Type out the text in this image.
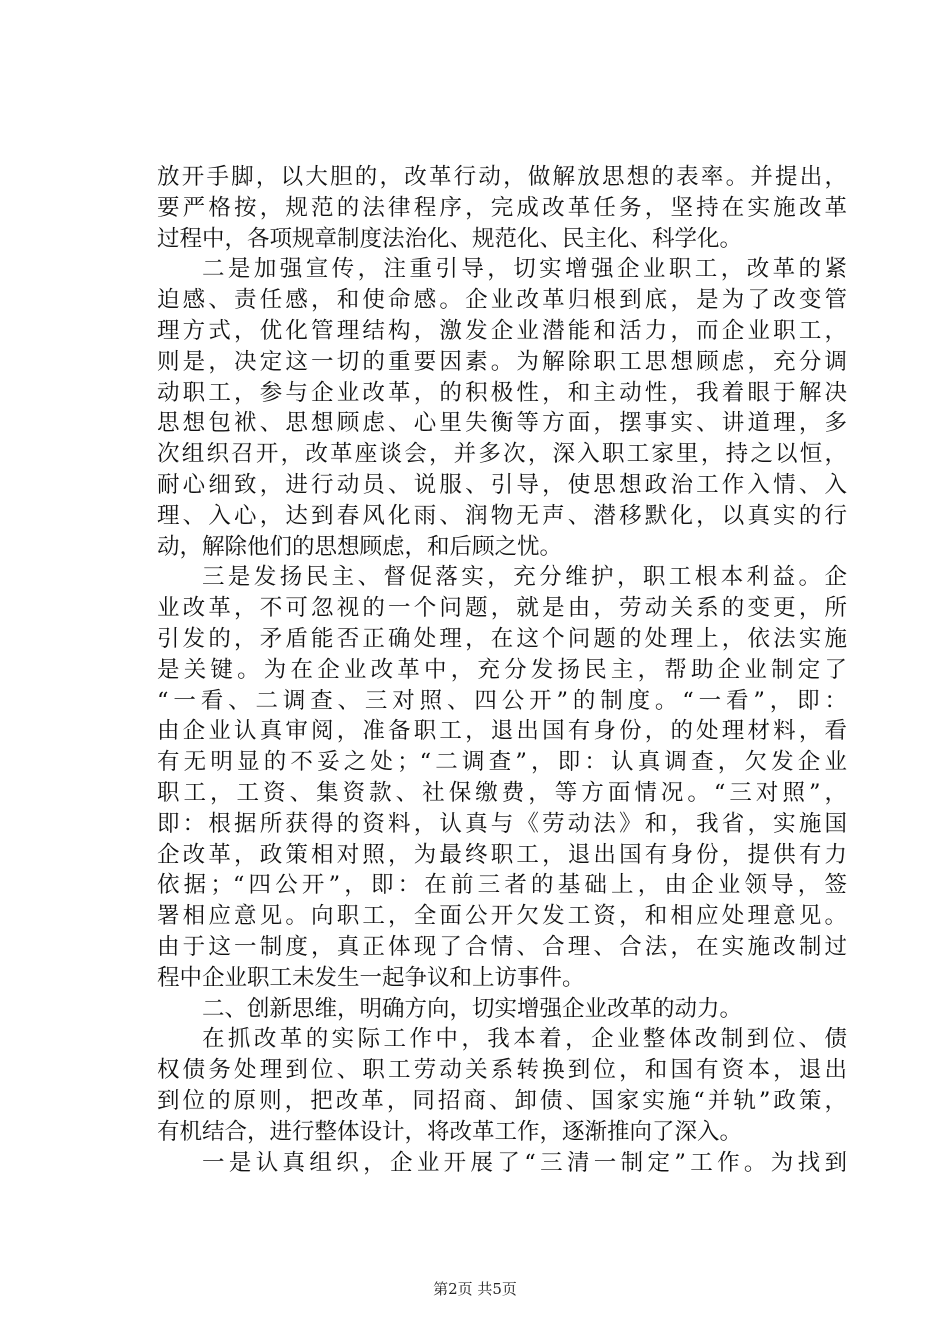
放开手脚，以大胆的，改革行动，做解放思想的表率。并提出，
要严格按，规范的法律程序，完成改革任务，坚持在实施改革
过程中，各项规章制度法治化、规范化、民主化、科学化。
二是加强宣传，注重引导，切实增强企业职工，改革的紧
迫感、责任感，和使命感。企业改革归根到底，是为了改变管
理方式，优化管理结构，激发企业潜能和活力，而企业职工，
则是，决定这一切的重要因素。为解除职工思想顾虑，充分调
动职工，参与企业改革，的积极性，和主动性，我着眼于解决
思想包袱、思想顾虑、心里失衡等方面，摆事实、讲道理，多
次组织召开，改革座谈会，并多次，深入职工家里，持之以恒，
耐心细致，进行动员、说服、引导，使思想政治工作入情、入
理、入心，达到春风化雨、润物无声、潜移默化，以真实的行
动，解除他们的思想顾虑，和后顾之忧。
三是发扬民主、督促落实，充分维护，职工根本利益。企
业改革，不可忽视的一个问题，就是由，劳动关系的变更，所
引发的，矛盾能否正确处理，在这个问题的处理上，依法实施
是关键。为在企业改革中，充分发扬民主，帮助企业制定了
“一看、二调查、三对照、四公开”的制度。“一看”，即：
由企业认真审阅，准备职工，退出国有身份，的处理材料，看
有无明显的不妥之处；“二调查”，即：认真调查，欠发企业
职工，工资、集资款、社保缴费，等方面情况。“三对照”，
即：根据所获得的资料，认真与《劳动法》和，我省，实施国
企改革，政策相对照，为最终职工，退出国有身份，提供有力
依据；“四公开”，即：在前三者的基础上，由企业领导，签
署相应意见。向职工，全面公开欠发工资，和相应处理意见。
由于这一制度，真正体现了合情、合理、合法，在实施改制过
程中企业职工未发生一起争议和上访事件。
二、创新思维，明确方向，切实增强企业改革的动力。
在抓改革的实际工作中，我本着，企业整体改制到位、债
权债务处理到位、职工劳动关系转换到位，和国有资本，退出
到位的原则，把改革，同招商、卸债、国家实施“并轨”政策，
有机结合，进行整体设计，将改革工作，逐渐推向了深入。
一是认真组织，企业开展了“三清一制定”工作。为找到
第2页 共5页
